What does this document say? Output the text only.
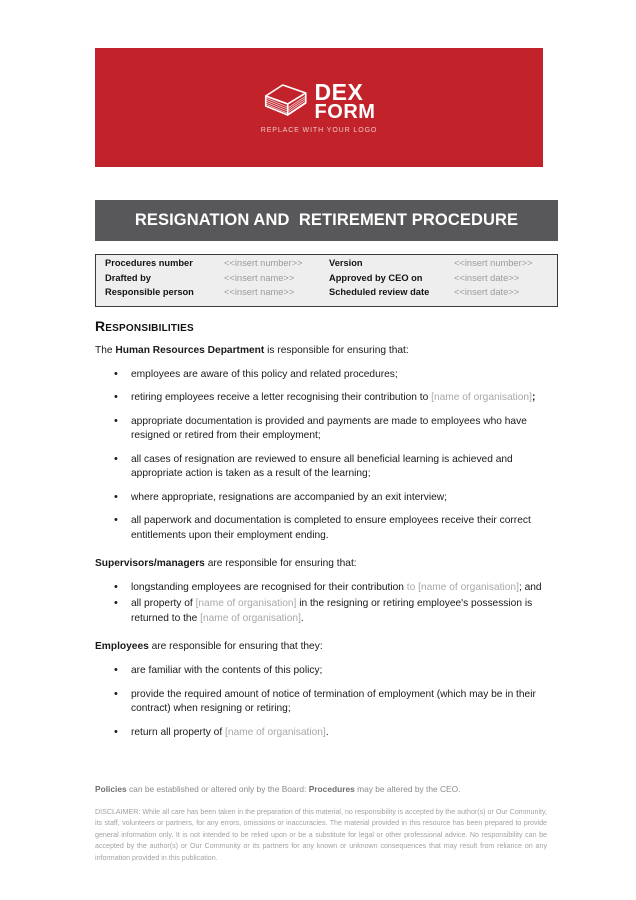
DEX
FORM
REPLACE WITH YOUR LOGO
RESIGNATION AND  RETIREMENT PROCEDURE
Procedures number	<<insert number>>	Version	<<insert number>>
Drafted by	<<insert name>>	Approved by CEO on	<<insert date>>
Responsible person	<<insert name>>	Scheduled review date	<<insert date>>
Responsibilities

The Human Resources Department is responsible for ensuring that:

• employees are aware of this policy and related procedures;
• retiring employees receive a letter recognising their contribution to [name of organisation];
• appropriate documentation is provided and payments are made to employees who have resigned or retired from their employment;
• all cases of resignation are reviewed to ensure all beneficial learning is achieved and appropriate action is taken as a result of the learning;
• where appropriate, resignations are accompanied by an exit interview;
• all paperwork and documentation is completed to ensure employees receive their correct entitlements upon their employment ending.

Supervisors/managers are responsible for ensuring that:

• longstanding employees are recognised for their contribution to [name of organisation]; and
• all property of [name of organisation] in the resigning or retiring employee's possession is returned to the [name of organisation].

Employees are responsible for ensuring that they:

• are familiar with the contents of this policy;
• provide the required amount of notice of termination of employment (which may be in their contract) when resigning or retiring;
• return all property of [name of organisation].
Policies can be established or altered only by the Board: Procedures may be altered by the CEO.
DISCLAIMER: While all care has been taken in the preparation of this material, no responsibility is accepted by the author(s) or Our Community, its staff, volunteers or partners, for any errors, omissions or inaccuracies. The material provided in this resource has been prepared to provide general information only. It is not intended to be relied upon or be a substitute for legal or other professional advice. No responsibility can be accepted by the author(s) or Our Community or its partners for any known or unknown consequences that may result from reliance on any information provided in this publication.
